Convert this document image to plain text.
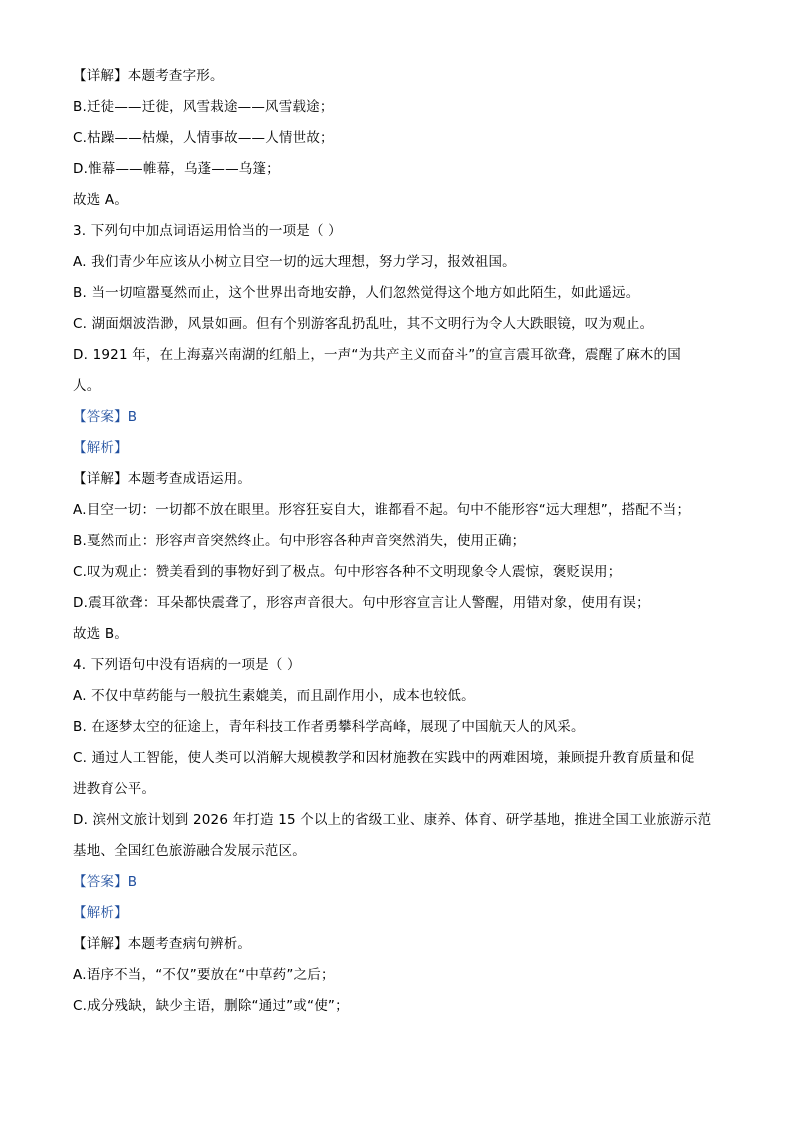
【详解】本题考查字形。
B.迁徒——迁徙，风雪栽途——风雪载途；
C.枯躁——枯燥，人情事故——人情世故；
D.惟幕——帷幕，乌蓬——乌篷；
故选 A。
3. 下列句中加点词语运用恰当的一项是（ ）
A. 我们青少年应该从小树立目空一切的远大理想，努力学习，报效祖国。
B. 当一切喧嚣戛然而止，这个世界出奇地安静，人们忽然觉得这个地方如此陌生，如此遥远。
C. 湖面烟波浩渺，风景如画。但有个别游客乱扔乱吐，其不文明行为令人大跌眼镜，叹为观止。
D. 1921 年，在上海嘉兴南湖的红船上，一声“为共产主义而奋斗”的宣言震耳欲聋，震醒了麻木的国
人。
【答案】B
【解析】
【详解】本题考查成语运用。
A.目空一切：一切都不放在眼里。形容狂妄自大，谁都看不起。句中不能形容“远大理想”，搭配不当；
B.戛然而止：形容声音突然终止。句中形容各种声音突然消失，使用正确；
C.叹为观止：赞美看到的事物好到了极点。句中形容各种不文明现象令人震惊，褒贬误用；
D.震耳欲聋：耳朵都快震聋了，形容声音很大。句中形容宣言让人警醒，用错对象，使用有误；
故选 B。
4. 下列语句中没有语病的一项是（ ）
A. 不仅中草药能与一般抗生素媲美，而且副作用小，成本也较低。
B. 在逐梦太空的征途上，青年科技工作者勇攀科学高峰，展现了中国航天人的风采。
C. 通过人工智能，使人类可以消解大规模教学和因材施教在实践中的两难困境，兼顾提升教育质量和促
进教育公平。
D. 滨州文旅计划到 2026 年打造 15 个以上的省级工业、康养、体育、研学基地，推进全国工业旅游示范
基地、全国红色旅游融合发展示范区。
【答案】B
【解析】
【详解】本题考查病句辨析。
A.语序不当，“不仅”要放在“中草药”之后；
C.成分残缺，缺少主语，删除“通过”或“使”；
